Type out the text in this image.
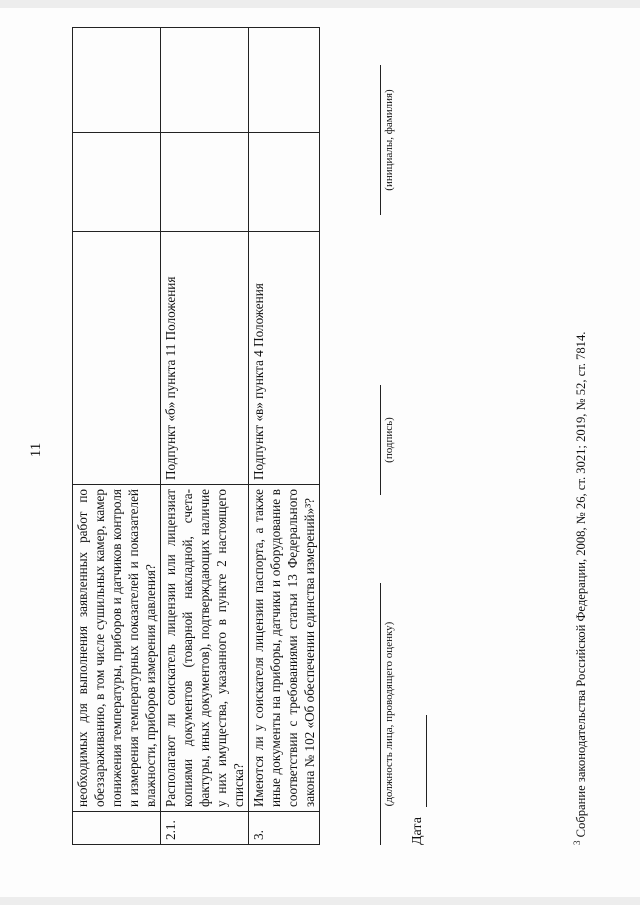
11
	необходимых для выполнения заявленных работ по обеззараживанию, в том числе сушильных камер, камер понижения температуры, приборов и датчиков контроля и измерения температурных показателей и показателей влажности, приборов измерения давления?			
2.1.	Располагают ли соискатель лицензии или лицензиат копиями документов (товарной накладной, счета-фактуры, иных документов), подтверждающих наличие у них имущества, указанного в пункте 2 настоящего списка?	Подпункт «б» пункта 11 Положения		
3.	Имеются ли у соискателя лицензии паспорта, а также иные документы на приборы, датчики и оборудование в соответствии с требованиями статьи 13 Федерального закона № 102 «Об обеспечении единства измерений»³?	Подпункт «в» пункта 4 Положения		
(должность лица, проводящего оценку)
(подпись)
(инициалы, фамилия)
Дата	$^3$ Собрание законодательства Российской Федерации, 2008, № 26, ст. 3021; 2019, № 52, ст. 7814.
